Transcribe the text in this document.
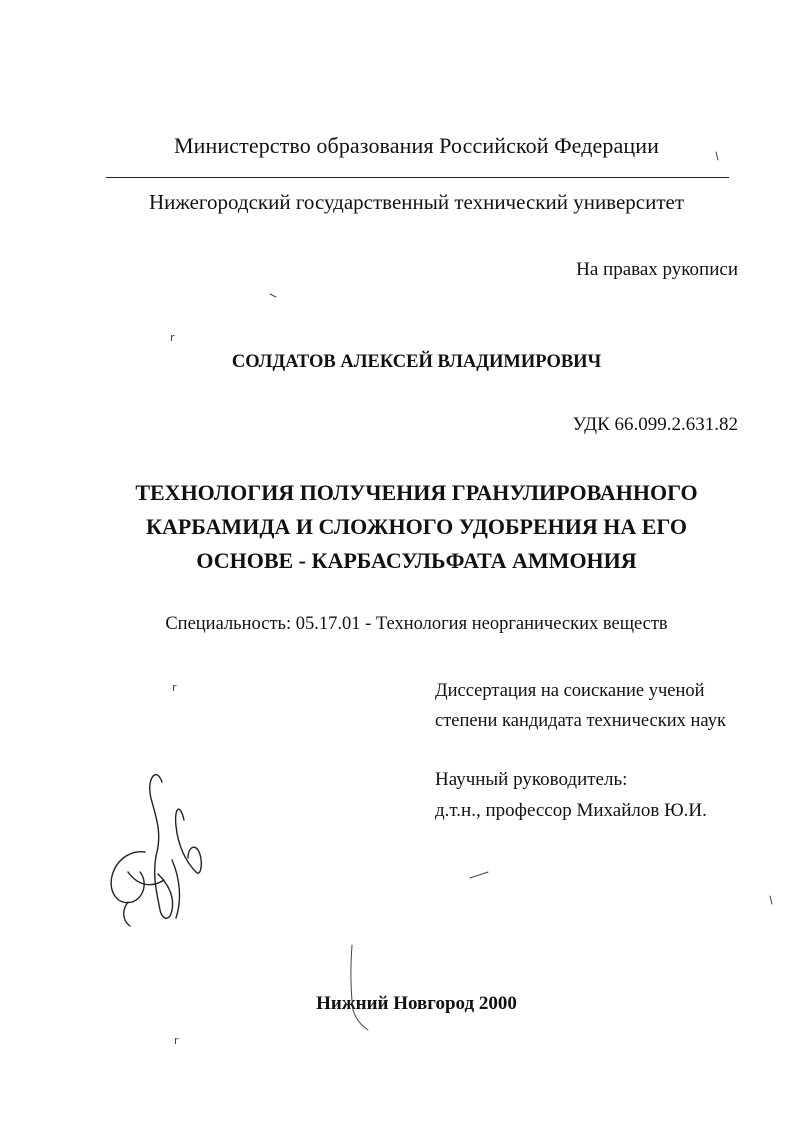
Министерство образования Российской Федерации
Нижегородский государственный технический университет
На правах рукописи
r
СОЛДАТОВ АЛЕКСЕЙ ВЛАДИМИРОВИЧ
УДК 66.099.2.631.82
ТЕХНОЛОГИЯ ПОЛУЧЕНИЯ ГРАНУЛИРОВАННОГО
КАРБАМИДА И СЛОЖНОГО УДОБРЕНИЯ НА ЕГО
ОСНОВЕ - КАРБАСУЛЬФАТА АММОНИЯ
Специальность: 05.17.01 - Технология неорганических веществ
r	Диссертация на соискание ученой
степени кандидата технических наук
Научный руководитель:
д.т.н., профессор Михайлов Ю.И.
Нижний Новгород 2000
r
